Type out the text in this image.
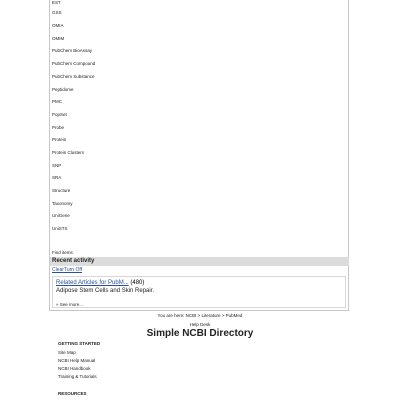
EST
GSS
OMIA
OMIM
PubChem BioAssay
PubChem Compound
PubChem Substance
Peptidome
PMC
PopSet
Probe
Protein
Protein Clusters
SNP
SRA
Structure
Taxonomy
UniGene
UniSTS
Find items
Recent activity
ClearTurn Off
Related Articles for PubM... (480)
Adipose Stem Cells and Skin Repair.
» See more...
You are here: NCBI > Literature > PubMed
Help Desk
Simple NCBI Directory
GETTING STARTED
Site Map
NCBI Help Manual
NCBI Handbook
Training & Tutorials
RESOURCES
